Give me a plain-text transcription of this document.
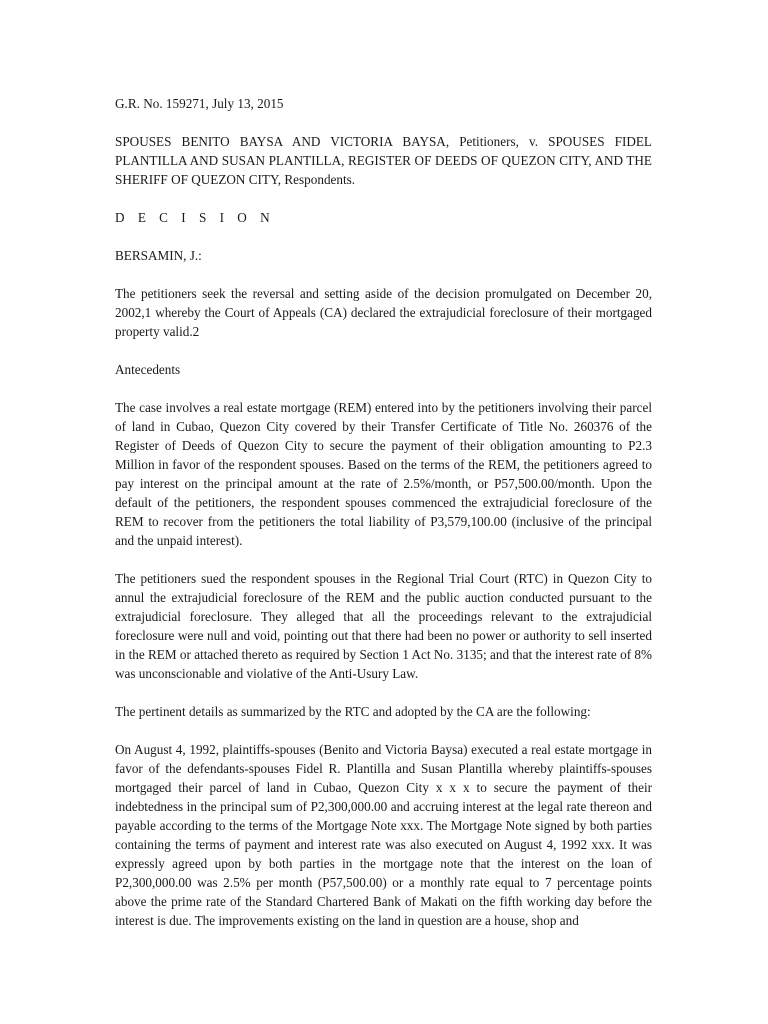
G.R. No. 159271, July 13, 2015

SPOUSES BENITO BAYSA AND VICTORIA BAYSA, Petitioners, v. SPOUSES FIDEL PLANTILLA AND SUSAN PLANTILLA, REGISTER OF DEEDS OF QUEZON CITY, AND THE SHERIFF OF QUEZON CITY, Respondents.

D E C I S I O N

BERSAMIN, J.:

The petitioners seek the reversal and setting aside of the decision promulgated on December 20, 2002,1 whereby the Court of Appeals (CA) declared the extrajudicial foreclosure of their mortgaged property valid.2

Antecedents

The case involves a real estate mortgage (REM) entered into by the petitioners involving their parcel of land in Cubao, Quezon City covered by their Transfer Certificate of Title No. 260376 of the Register of Deeds of Quezon City to secure the payment of their obligation amounting to P2.3 Million in favor of the respondent spouses. Based on the terms of the REM, the petitioners agreed to pay interest on the principal amount at the rate of 2.5%/month, or P57,500.00/month. Upon the default of the petitioners, the respondent spouses commenced the extrajudicial foreclosure of the REM to recover from the petitioners the total liability of P3,579,100.00 (inclusive of the principal and the unpaid interest).

The petitioners sued the respondent spouses in the Regional Trial Court (RTC) in Quezon City to annul the extrajudicial foreclosure of the REM and the public auction conducted pursuant to the extrajudicial foreclosure. They alleged that all the proceedings relevant to the extrajudicial foreclosure were null and void, pointing out that there had been no power or authority to sell inserted in the REM or attached thereto as required by Section 1 Act No. 3135; and that the interest rate of 8% was unconscionable and violative of the Anti-Usury Law.

The pertinent details as summarized by the RTC and adopted by the CA are the following:

On August 4, 1992, plaintiffs-spouses (Benito and Victoria Baysa) executed a real estate mortgage in favor of the defendants-spouses Fidel R. Plantilla and Susan Plantilla whereby plaintiffs-spouses mortgaged their parcel of land in Cubao, Quezon City x x x to secure the payment of their indebtedness in the principal sum of P2,300,000.00 and accruing interest at the legal rate thereon and payable according to the terms of the Mortgage Note xxx. The Mortgage Note signed by both parties containing the terms of payment and interest rate was also executed on August 4, 1992 xxx. It was expressly agreed upon by both parties in the mortgage note that the interest on the loan of P2,300,000.00 was 2.5% per month (P57,500.00) or a monthly rate equal to 7 percentage points above the prime rate of the Standard Chartered Bank of Makati on the fifth working day before the interest is due. The improvements existing on the land in question are a house, shop and
